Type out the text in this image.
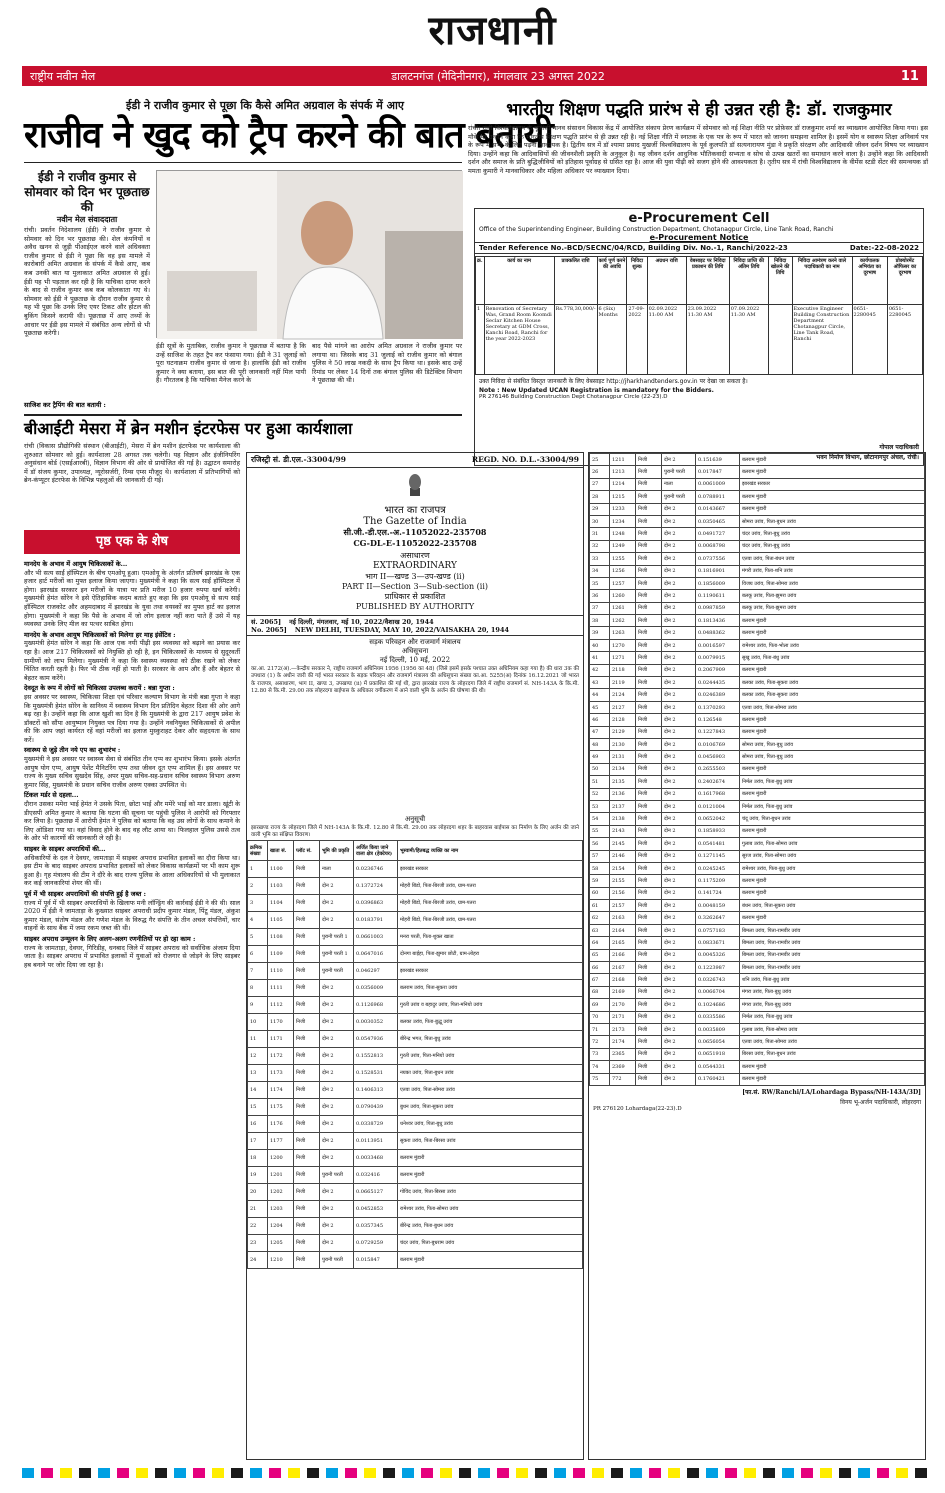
राजधानी
राष्ट्रीय नवीन मेल	डालटनगंज (मेदिनीनगर), मंगलवार 23 अगस्त 2022	11
ईडी ने राजीव कुमार से पूछा कि कैसे अमित अग्रवाल के संपर्क में आए
राजीव ने खुद को ट्रैप करने की बात बतायी
ईडी ने राजीव कुमार से सोमवार को दिन भर पूछताछ की
नवीन मेल संवाददाता
रांची। प्रवर्तन निदेशालय (ईडी) ने राजीव कुमार से सोमवार को दिन भर पूछताछ की। शेल कंपनियों व अवैध खनन से जुड़ी पीआईएल करने वाले अधिवक्ता राजीव कुमार से ईडी ने पूछा कि वह इस मामले में कारोबारी अमित अग्रवाल के संपर्क में कैसे आए, कब कब उनकी बात या मुलाकात अमित अग्रवाल से हुई। ईडी यह भी पड़ताल कर रही है कि याचिका दायर करने के बाद से राजीव कुमार कब कब कोलकाता गए थे। सोमवार को ईडी ने पूछताछ के दौरान राजीव कुमार से यह भी पूछा कि उनके लिए एयर टिकट और होटल की बुकिंग किसने करायी थी। पूछताछ में आए तथ्यों के आधार पर ईडी इस मामले में संबंधित अन्य लोगों से भी पूछताछ करेगी।
साजिश कर ट्रैपिंग की बात बतायी :
ईडी सूत्रों के मुताबिक, राजीव कुमार ने पूछताछ में बताया है कि उन्हें साजिश के तहत ट्रैप कर फंसाया गया। ईडी ने 31 जुलाई को पूरा घटनाक्रम राजीव कुमार से जाना है। हालांकि ईडी को राजीव कुमार ने क्या बताया, इस बात की पूरी जानकारी नहीं मिल पायी है। गौरतलब है कि याचिका मैनेज करने के
बाद पैसे मांगने का आरोप अमित अग्रवाल ने राजीव कुमार पर लगाया था। जिसके बाद 31 जुलाई को राजीव कुमार को बंगाल पुलिस ने 50 लाख नकदी के साथ ट्रैप किया था। इसके बाद उन्हें रिमांड पर लेकर 14 दिनों तक बंगाल पुलिस की डिटेक्टिव विभाग ने पूछताछ की थी।
भारतीय शिक्षण पद्धति प्रारंभ से ही उन्नत रही है: डॉ. राजकुमार
रांची। रांची विश्वविद्यालय के यूजीसी मानव संसाधन विकास केंद्र में आयोजित संकाय प्रेरण कार्यक्रम में सोमवार को नई शिक्षा नीति पर प्रोफ़ेसर डॉ राजकुमार शर्मा का व्याख्यान आयोजित किया गया। इस मौके पर उन्होंने कहा कि भारतीय शिक्षण पद्धति प्रारंभ से ही उन्नत रही है। नई शिक्षा नीति में स्नातक के एक पत्र के रूप में भारत को जानना समझना शामिल है। इसमें योग व स्वास्थ्य शिक्षा अनिवार्य पत्र के रूप में सभी के लिए पढ़ना आवश्यक है। द्वितीय सत्र में डॉ श्यामा प्रसाद मुखर्जी विश्वविद्यालय के पूर्व कुलपति डॉ सत्यनारायण मुंडा ने प्रकृति संरक्षण और आदिवासी जीवन दर्शन विषय पर व्याख्यान दिया। उन्होंने कहा कि आदिवासियों की जीवनशैली प्रकृति के अनुकूल है। यह जीवन दर्शन आधुनिक भौतिकवादी सभ्यता व सोच से उत्पन्न खतरों का समाधान करने वाला है। उन्होंने कहा कि आदिवासी दर्शन और समाज के प्रति बुद्धिजीवियों को इतिहास पूर्वाग्रह से ग्रसित रहा है। आज की युवा पीढ़ी को सजग होने की आवश्यकता है। तृतीय सत्र में रांची विश्वविद्यालय के वीमेंस स्टडी सेंटर की समन्वयक डॉ ममता कुमारी ने मानवाधिकार और महिला अधिकार पर व्याख्यान दिया।
e-Procurement Cell
Office of the Superintending Engineer, Building Construction Department, Chotanagpur Circle, Line Tank Road, Ranchi
e-Procurement Notice
Tender Reference No.-BCD/SECNC/04/RCD, Building Div. No.-1, Ranchi/2022-23	Date:-22-08-2022
क्र.	कार्य का नाम	प्राक्कलित राशि	कार्य पूर्ण करने की अवधि	निविदा शुल्क	अग्रधन राशि	वेबसाइट पर निविदा प्रकाशन की तिथि	निविदा प्राप्ति की अंतिम तिथि	निविदा खोलने की तिथि	निविदा आमंत्रण करने वाले पदाधिकारी का नाम	कार्यपालक अभियंता का दूरभाष	प्रोक्योरमेंट ऑफिसर का दूरभाष
1	Renovation of Secretary Was, Grand Room Koomdi Seclar Kitchen House Secretary at GDM Cross, Kanchi Road, Ranchi for the year 2022-2023	Rs.778,30,000/-	6 (Six) Months	27-09-2022	02.09.2022 11:00 AM	23.09.2022 11:30 AM	07.09.2022 11:30 AM		Executive Engineer Building Construction Department Chotanagpur Circle, Line Tank Road, Ranchi	0651-2280045	0651-2280045
उक्त निविदा से संबंधित विस्तृत जानकारी के लिए वेबसाइट http://jharkhandtenders.gov.in पर देखा जा सकता है।
Note : New Updated UCAN Registration is mandatory for the Bidders.
PR 276146 Building Construction Dept Chotanagpur Circle (22-23).D
गोपाल पदाधिकारी
भवन निर्माण विभाग, छोटानागपुर अंचल, रांची।
बीआईटी मेसरा में ब्रेन मशीन इंटरफेस पर हुआ कार्यशाला
रांची (विकास प्रौद्योगिकी संस्थान (बीआईटी), मेसरा में ब्रेन मशीन इंटरफेस पर कार्यशाला की शुरुआत सोमवार को हुई। कार्यशाला 28 अगस्त तक चलेगी। यह विज्ञान और इंजीनियरिंग अनुसंधान बोर्ड (एसईआरबी), विज्ञान विभाग की ओर से प्रायोजित की गई है। उद्घाटन समारोह में डॉ संजय कुमार, उपाध्यक्ष, न्यूरोसर्जरी, रिम्स एम्स मौजूद थे। कार्यशाला में प्रतिभागियों को ब्रेन-कंप्यूटर इंटरफेस के विभिन्न पहलुओं की जानकारी दी गई।
पृष्ठ एक के शेष
मानदेय के अभाव में आयुष चिकित्सकों के...
और भी सत्य साईं हॉस्पिटल के बीच एमओयू हुआ। एमओयू के अंतर्गत प्रतिवर्ष झारखंड के एक हजार हार्ट मरीजों का मुफ्त इलाज किया जाएगा। मुख्यमंत्री ने कहा कि सत्य साईं हॉस्पिटल में होगा। झारखंड सरकार इन मरीजों के यात्रा पर प्रति मरीज 10 हजार रुपया खर्च करेगी। मुख्यमंत्री हेमंत सोरेन ने इसे ऐतिहासिक कदम बताते हुए कहा कि इस एमओयू से सत्य साईं हॉस्पिटल राजकोट और अहमदाबाद में झारखंड के युवा तथा वयस्कों का मुफ्त हार्ट का इलाज होगा। मुख्यमंत्री ने कहा कि पैसे के अभाव में जो लोग इलाज नहीं करा पाते हैं उसे में यह व्यवस्था उनके लिए मील का पत्थर साबित होगा।
मानदेय के अभाव आयुष चिकित्सकों को मिलेगा हर माह इंसेंटिव :
मुख्यमंत्री हेमंत सोरेन ने कहा कि आज एक नयी पीढ़ी इस व्यवस्था को बढ़ाने का प्रयास कर रहा है। आज 217 चिकित्सकों को नियुक्ति हो रही है, इन चिकित्सकों के माध्यम से सुदूरवर्ती ग्रामीणों को लाभ मिलेगा। मुख्यमंत्री ने कहा कि स्वास्थ्य व्यवस्था को ठीक रखने को लेकर चिंतित करती रहती है। फिर भी ठीक नहीं हो पाती है। सरकार के आप और हैं और बेहतर से बेहतर काम करेंगे।
देवदूत के रूप में लोगों को चिकित्सा उपलब्ध करायें : बन्ना गुप्ता :
इस अवसर पर स्वास्थ्य, चिकित्सा शिक्षा एवं परिवार कल्याण विभाग के मंत्री बन्ना गुप्ता ने कहा कि मुख्यमंत्री हेमंत सोरेन के सानिध्य में स्वास्थ्य विभाग दिन प्रतिदिन बेहतर दिशा की ओर आगे बढ़ रहा है। उन्होंने कहा कि आज खुशी का दिन है कि मुख्यमंत्री के द्वारा 217 आयुष प्रवेश के डॉक्टरों को सौंपा आयुष्मान नियुक्त पत्र दिया गया है। उन्होंने नवनियुक्त चिकित्सकों से अपील की कि आप जहां कार्यरत रहें वहां मरीजों का इलाज मुस्कुराहट देकर और सहृदयता के साथ करें।
स्वास्थ्य से जुड़े तीन नये एप का शुभारंभ :
मुख्यमंत्री ने इस अवसर पर स्वास्थ्य सेवा से संबंधित तीन एप्प का शुभारंभ किया। इसके अंतर्गत आयुष योग एप्प, आयुष पेशेंट मैनिटरिंग एप्प तथा जीवन दूत एप्प शामिल हैं। इस अवसर पर राज्य के मुख्य सचिव सुखदेव सिंह, अपर मुख्य सचिव-सह-प्रधान सचिव स्वास्थ्य विभाग अरुण कुमार सिंह, मुख्यमंत्री के प्रधान सचिव राजीव अरुण एक्का उपस्थित थे।
टिंकल मर्डर से दहला...
दौरान उसका ममेरा भाई हेमंत ने उसके पिता, छोटा भाई और ममेरे भाई को मार डाला। खूंटी के डीएसपी अमित कुमार ने बताया कि घटना की सूचना पर पहुंची पुलिस ने आरोपी को गिरफ्तार कर लिया है। पूछताछ में आरोपी हेमंत ने पुलिस को बताया कि वह उस लोगों के साथ कमाने के लिए ओडिशा गया था। वहां विवाद होने के बाद वह लौट आया था। फिलहाल पुलिस उससे तत्व के ओर भी कारणों की जानकारी ले रही है।
साइबर के साइबर अपराधियों की...
अधिकारियों के दल ने देवघर, जामताड़ा में साइबर अपराध प्रभावित इलाकों का दौरा किया था। इस टीम के बाद साइबर अपराध प्रभावित इलाकों को लेकर विकास कार्यक्रमों पर भी काम शुरू हुआ है। गृह मंत्रालय की टीम ने दौरे के बाद राज्य पुलिस के आला अधिकारियों से भी मुलाकात कर कई जानकारियां शेयर की थीं।
पूर्व में भी साइबर अपराधियों की संपत्ति हुई है जब्त :
राज्य में पूर्व में भी साइबर अपराधियों के खिलाफ मनी लॉन्ड्रिंग की कार्रवाई ईडी ने की थी। साल 2020 में ईडी ने जामताड़ा के कुख्यात साइबर अपराधी प्रदीप कुमार मंडल, पिंटू मंडल, अंकुश कुमार मंडल, संतोष मंडल और गणेश मंडल के विरुद्ध गैर संपत्ति के तीन अचल संपत्तियों, चार वाहनों के साथ बैंक में जमा रकम जब्त की थी।
साइबर अपराध उन्मूलन के लिए अलग-अलग रणनीतियों पर हो रहा काम :
राज्य के जामताड़ा, देवघर, गिरिडीह, धनबाद जिले में साइबर अपराध को सर्वाधिक अंजाम दिया जाता है। साइबर अपराध में प्रभावित इलाकों में युवाओं को रोजगार से जोड़ने के लिए साइबर हब बनाने पर जोर दिया जा रहा है।
रजिस्ट्री सं. डी.एल.-33004/99	REGD. NO. D.L.-33004/99
भारत का राजपत्र
The Gazette of India
सी.जी.-डी.एल.-अ.-11052022-235708
CG-DL-E-11052022-235708
असाधारण
EXTRAORDINARY
भाग II—खण्ड 3—उप-खण्ड (ii)
PART II—Section 3—Sub-section (ii)
प्राधिकार से प्रकाशित
PUBLISHED BY AUTHORITY
सं. 2065] नई दिल्ली, मंगलवार, मई 10, 2022/वैशाख 20, 1944
No. 2065] NEW DELHI, TUESDAY, MAY 10, 2022/VAISAKHA 20, 1944
सड़क परिवहन और राजमार्ग मंत्रालय
अधिसूचना
नई दिल्ली, 10 मई, 2022
का.आ. 2172(अ).—केन्द्रीय सरकार ने, राष्ट्रीय राजमार्ग अधिनियम 1956 (1956 का 48) (जिसे इसमें इसके पश्चात उक्त अधिनियम कहा गया है) की धारा 3क की उपधारा (1) के अधीन जारी की गई भारत सरकार के सड़क परिवहन और राजमार्ग मंत्रालय की अधिसूचना संख्या का.आ. 5255(अ) दिनांक 16.12.2021 जो भारत के राजपत्र, असाधारण, भाग II, खण्ड 3, उपखण्ड (ii) में प्रकाशित की गई थी, द्वारा झारखंड राज्य के लोहरदगा जिले में राष्ट्रीय राजमार्ग सं. NH-143A के कि.मी. 12.80 से कि.मी. 29.00 तक लोहरदगा बाईपास के अधिकार वर्गीकरण में आने वाली भूमि के अर्जन की घोषणा की थी।
अनुसूची
झारखण्ड राज्य के लोहरदगा जिले में NH-143A के कि.मी. 12.80 से कि.मी. 29.00 तक लोहरदगा शहर के बाहरवास बाईपास का निर्माण के लिए अर्जन की जाने वाली भूमि का संक्षिप्त विवरण।
क्रमिक संख्या	खाता सं.	प्लॉट सं.	भूमि की प्रकृति	अर्जित किया जाने वाला क्षेत्र (हेक्टेयर)	भूस्वामी/हितबद्ध व्यक्ति का नाम
1	1100	निजी	नाला	0.0236746	झारखंड सरकार
2	1103	निजी	दोन 2	0.1372724	मोहरी बिंडो, पिता-बिरजी उरांव, ग्राम-पतरा
3	1104	निजी	दोन 2	0.0396863	मोहरी बिंडो, पिता-बिरजी उरांव, ग्राम-पतरा
4	1105	निजी	दोन 2	0.0183791	मोहरी बिंडो, पिता-बिरजी उरांव, ग्राम-पतरा
5	1108	निजी	पुरानी परती 1	0.0661003	मनरा परती, पिता-शुक्ल खाता
6	1109	निजी	पुरानी परती 1	0.0647016	दोनगा बाईहा, पिता-झुमार छोटी, ग्राम-लोहरा
7	1110	निजी	पुरानी परती	0.046297	झारखंड सरकार
8	1111	निजी	दोन 2	0.0356009	बलराम उरांव, पिता-सुकरा उरांव
9	1112	निजी	दोन 2	0.1126968	गुरती उरांव व बहादुर उरांव, पिता-मनियो उरांव
10	1170	निजी	दोन 2	0.0030352	बलका उरांव, पिता-बुद्धू उरांव
11	1171	निजी	दोन 2	0.0547936	बीरेन्द्र भगत, पिता-बुधु उरांव
12	1172	निजी	दोन 2	0.1552813	गुरती उरांव, पिता-मनियो उरांव
13	1173	निजी	दोन 2	0.1528531	नयका उरांव, पिता-बुधन उरांव
14	1174	निजी	दोन 2	0.1406313	एतवा उरांव, पिता-सोमरा उरांव
15	1175	निजी	दोन 2	0.0790439	बुधन उरांव, पिता-सुकरा उरांव
16	1176	निजी	दोन 2	0.0338729	धनेश्वर उरांव, पिता-बुधु उरांव
17	1177	निजी	दोन 2	0.0113951	सुकरा उरांव, पिता-बिरसा उरांव
18	1200	निजी	दोन 2	0.0033468	बलराम मुंडारी
19	1201	निजी	पुरानी परती	0.032416	बलराम मुंडारी
20	1202	निजी	दोन 2	0.0665127	गोविंद उरांव, पिता-बिरसा उरांव
21	1203	निजी	दोन 2	0.0452853	रामेश्वर उरांव, पिता-सोमरा उरांव
22	1204	निजी	दोन 2	0.0357345	बीरेन्द्र उरांव, पिता-बुधन उरांव
23	1205	निजी	दोन 2	0.0729259	चंदर उरांव, पिता-बुधराम उरांव
24	1210	निजी	पुरानी परती	0.015847	बलराम मुंडारी
25	1211	निजी	दोन 2	0.151639	बलराम मुंडारी
26	1213	निजी	पुरानी परती	0.017847	बलराम मुंडारी
27	1214	निजी	नाला	0.0061009	झारखंड सरकार
28	1215	निजी	पुरानी परती	0.0788911	बलराम मुंडारी
29	1233	निजी	दोन 2	0.0143667	बलराम मुंडारी
30	1234	निजी	दोन 2	0.0350465	सोमरा उरांव, पिता-बुधन उरांव
31	1248	निजी	दोन 2	0.0491727	चंदर उरांव, पिता-बुधु उरांव
32	1249	निजी	दोन 2	0.0068798	चंदर उरांव, पिता-बुधु उरांव
33	1255	निजी	दोन 2	0.0737556	एतवा उरांव, पिता-बंधन उरांव
34	1256	निजी	दोन 2	0.1816901	मंगरी उरांव, पिता-शनि उरांव
35	1257	निजी	दोन 2	0.1856009	विजय उरांव, पिता-सोमरा उरांव
36	1260	निजी	दोन 2	0.1190611	बलकू उरांव, पिता-झुमरा उरांव
37	1261	निजी	दोन 2	0.0987859	बलकू उरांव, पिता-झुमरा उरांव
38	1262	निजी	दोन 2	0.1813436	बलराम मुंडारी
39	1263	निजी	दोन 2	0.0488362	बलराम मुंडारी
40	1270	निजी	दोन 2	0.0016597	रामेश्वर उरांव, पिता-भोला उरांव
41	1271	निजी	दोन 2	0.0079915	सुखु उरांव, पिता-बंधु उरांव
42	2118	निजी	दोन 2	0.2067909	बलराम मुंडारी
43	2119	निजी	दोन 2	0.0244435	बलका उरांव, पिता-सुकरा उरांव
44	2124	निजी	दोन 2	0.0246389	बलका उरांव, पिता-सुकरा उरांव
45	2127	निजी	दोन 2	0.1370293	एतवा उरांव, पिता-सोमरा उरांव
46	2128	निजी	दोन 2	0.126548	बलराम मुंडारी
47	2129	निजी	दोन 2	0.1227843	बलराम मुंडारी
48	2130	निजी	दोन 2	0.0106769	सोमरा उरांव, पिता-बुधु उरांव
49	2131	निजी	दोन 2	0.0456903	सोमरा उरांव, पिता-बुधु उरांव
50	2134	निजी	दोन 2	0.2655503	बलराम मुंडारी
51	2135	निजी	दोन 2	0.2402674	निर्मल उरांव, पिता-बुधु उरांव
52	2136	निजी	दोन 2	0.1617968	बलराम मुंडारी
53	2137	निजी	दोन 2	0.0121004	निर्मल उरांव, पिता-बुधु उरांव
54	2138	निजी	दोन 2	0.0652042	चंदू उरांव, पिता-बुधन उरांव
55	2143	निजी	दोन 2	0.1858933	बलराम मुंडारी
56	2145	निजी	दोन 2	0.0541481	गुलाब उरांव, पिता-सोमरा उरांव
57	2146	निजी	दोन 2	0.1271145	सुरज उरांव, पिता-सोमरा उरांव
58	2154	निजी	दोन 2	0.0245245	रामेश्वर उरांव, पिता-बुधु उरांव
59	2155	निजी	दोन 2	0.1175209	बलराम मुंडारी
60	2156	निजी	दोन 2	0.141724	बलराम मुंडारी
61	2157	निजी	दोन 2	0.0048159	बंधन उरांव, पिता-सुकरा उरांव
62	2163	निजी	दोन 2	0.3262647	बलराम मुंडारी
63	2164	निजी	दोन 2	0.0757183	बिमला उरांव, पिता-रामवीर उरांव
64	2165	निजी	दोन 2	0.0833671	बिमला उरांव, पिता-रामवीर उरांव
65	2166	निजी	दोन 2	0.0045326	बिमला उरांव, पिता-रामवीर उरांव
66	2167	निजी	दोन 2	0.1223987	बिमला उरांव, पिता-रामवीर उरांव
67	2168	निजी	दोन 2	0.0326743	शनि उरांव, पिता-बुधु उरांव
68	2169	निजी	दोन 2	0.0066704	मंगरा उरांव, पिता-बुधु उरांव
69	2170	निजी	दोन 2	0.1024686	मंगरा उरांव, पिता-बुधु उरांव
70	2171	निजी	दोन 2	0.0335586	निर्मल उरांव, पिता-बुधु उरांव
71	2173	निजी	दोन 2	0.0035809	गुलाब उरांव, पिता-सोमरा उरांव
72	2174	निजी	दोन 2	0.0656054	एतवा उरांव, पिता-सोमरा उरांव
73	2365	निजी	दोन 2	0.0651918	बिरसा उरांव, पिता-बुधन उरांव
74	2369	निजी	दोन 2	0.0544331	बलराम मुंडारी
75	772	निजी	दोन 2	0.1760421	बलराम मुंडारी
[फा.सं. RW/Ranchi/LA/Lohardaga Bypass/NH-143A/3D]
विनय भू-अर्जन पदाधिकारी, लोहरदगा
PR 276120 Lohardaga(22-23).D
